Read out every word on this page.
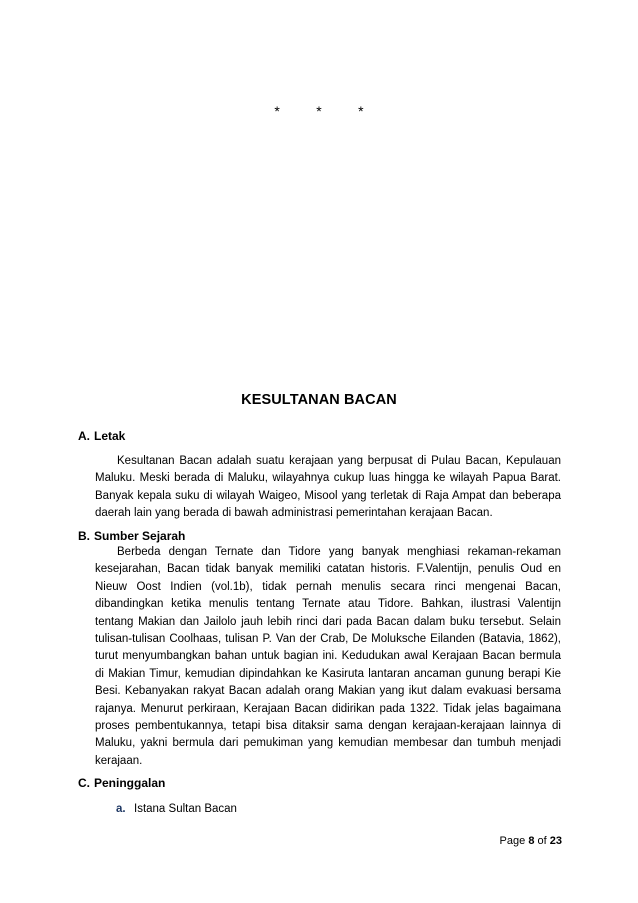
*	*	*
KESULTANAN BACAN
A. Letak
Kesultanan Bacan adalah suatu kerajaan yang berpusat di Pulau Bacan, Kepulauan Maluku. Meski berada di Maluku, wilayahnya cukup luas hingga ke wilayah Papua Barat. Banyak kepala suku di wilayah Waigeo, Misool yang terletak di Raja Ampat dan beberapa daerah lain yang berada di bawah administrasi pemerintahan kerajaan Bacan.
B. Sumber Sejarah
Berbeda dengan Ternate dan Tidore yang banyak menghiasi rekaman-rekaman kesejarahan, Bacan tidak banyak memiliki catatan historis. F.Valentijn, penulis Oud en Nieuw Oost Indien (vol.1b), tidak pernah menulis secara rinci mengenai Bacan, dibandingkan ketika menulis tentang Ternate atau Tidore. Bahkan, ilustrasi Valentijn tentang Makian dan Jailolo jauh lebih rinci dari pada Bacan dalam buku tersebut. Selain tulisan-tulisan Coolhaas, tulisan P. Van der Crab, De Moluksche Eilanden (Batavia, 1862), turut menyumbangkan bahan untuk bagian ini. Kedudukan awal Kerajaan Bacan bermula di Makian Timur, kemudian dipindahkan ke Kasiruta lantaran ancaman gunung berapi Kie Besi. Kebanyakan rakyat Bacan adalah orang Makian yang ikut dalam evakuasi bersama rajanya. Menurut perkiraan, Kerajaan Bacan didirikan pada 1322. Tidak jelas bagaimana proses pembentukannya, tetapi bisa ditaksir sama dengan kerajaan-kerajaan lainnya di Maluku, yakni bermula dari pemukiman yang kemudian membesar dan tumbuh menjadi kerajaan.
C. Peninggalan
a. Istana Sultan Bacan
Page 8 of 23
